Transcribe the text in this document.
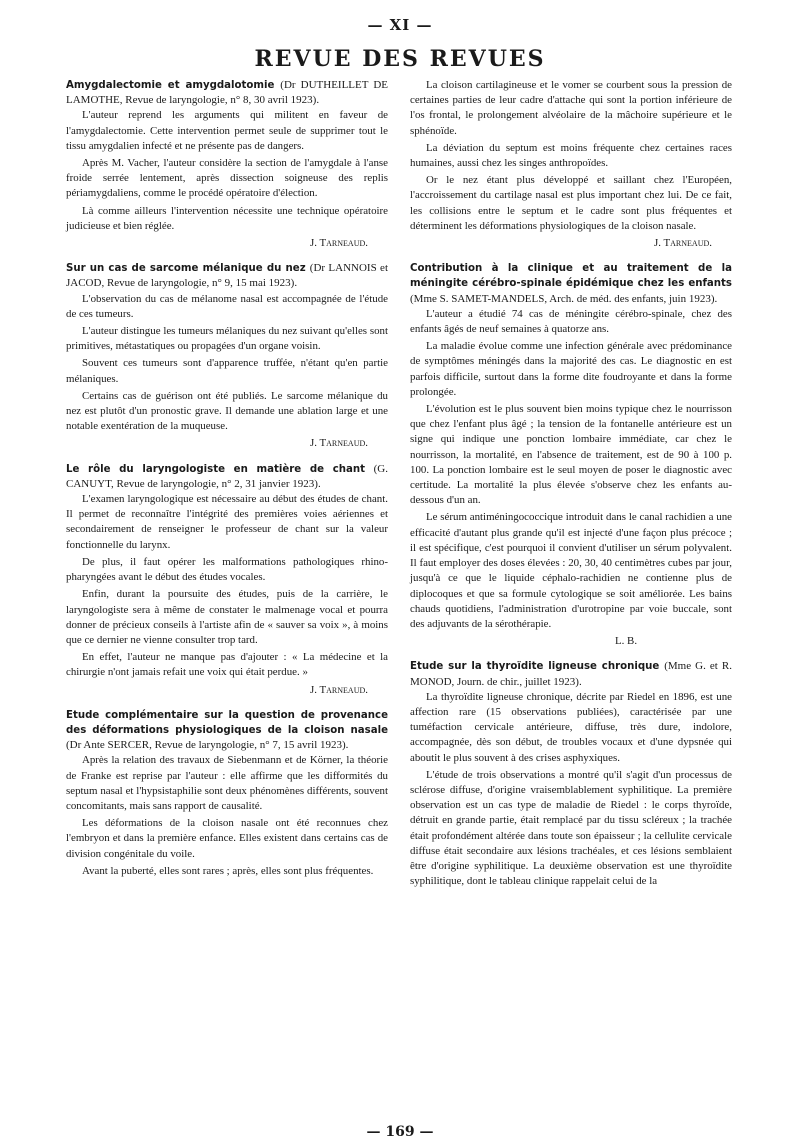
— XI —
REVUE DES REVUES

Amygdalectomie et amygdalotomie (Dr DUTHEILLET DE LAMOTHE, Revue de laryngologie, n° 8, 30 avril 1923).

L'auteur reprend les arguments qui militent en faveur de l'amygdalectomie. Cette intervention permet seule de supprimer tout le tissu amygdalien infecté et ne présente pas de dangers.

Après M. Vacher, l'auteur considère la section de l'amygdale à l'anse froide serrée lentement, après dissection soigneuse des replis périamygdaliens, comme le procédé opératoire d'élection.

Là comme ailleurs l'intervention nécessite une technique opératoire judicieuse et bien réglée.

J. Tarneaud.

Sur un cas de sarcome mélanique du nez (Dr LANNOIS et JACOD, Revue de laryngologie, n° 9, 15 mai 1923).

L'observation du cas de mélanome nasal est accompagnée de l'étude de ces tumeurs.

L'auteur distingue les tumeurs mélaniques du nez suivant qu'elles sont primitives, métastatiques ou propagées d'un organe voisin.

Souvent ces tumeurs sont d'apparence truffée, n'étant qu'en partie mélaniques.

Certains cas de guérison ont été publiés. Le sarcome mélanique du nez est plutôt d'un pronostic grave. Il demande une ablation large et une notable exentération de la muqueuse.

J. Tarneaud.

Le rôle du laryngologiste en matière de chant (G. CANUYT, Revue de laryngologie, n° 2, 31 janvier 1923).

L'examen laryngologique est nécessaire au début des études de chant. Il permet de reconnaître l'intégrité des premières voies aériennes et secondairement de renseigner le professeur de chant sur la valeur fonctionnelle du larynx.

De plus, il faut opérer les malformations pathologiques rhino-pharyngées avant le début des études vocales.

Enfin, durant la poursuite des études, puis de la carrière, le laryngologiste sera à même de constater le malmenage vocal et pourra donner de précieux conseils à l'artiste afin de « sauver sa voix », à moins que ce dernier ne vienne consulter trop tard.

En effet, l'auteur ne manque pas d'ajouter : « La médecine et la chirurgie n'ont jamais refait une voix qui était perdue. »

J. Tarneaud.

Etude complémentaire sur la question de provenance des déformations physiologiques de la cloison nasale (Dr Ante SERCER, Revue de laryngologie, n° 7, 15 avril 1923).

Après la relation des travaux de Siebenmann et de Körner, la théorie de Franke est reprise par l'auteur : elle affirme que les difformités du septum nasal et l'hypsistaphilie sont deux phénomènes différents, souvent concomitants, mais sans rapport de causalité.

Les déformations de la cloison nasale ont été reconnues chez l'embryon et dans la première enfance. Elles existent dans certains cas de division congénitale du voile.

Avant la puberté, elles sont rares ; après, elles sont plus fréquentes.

La cloison cartilagineuse et le vomer se courbent sous la pression de certaines parties de leur cadre d'attache qui sont la portion inférieure de l'os frontal, le prolongement alvéolaire de la mâchoire supérieure et le sphénoïde.

La déviation du septum est moins fréquente chez certaines races humaines, aussi chez les singes anthropoïdes.

Or le nez étant plus développé et saillant chez l'Européen, l'accroissement du cartilage nasal est plus important chez lui. De ce fait, les collisions entre le septum et le cadre sont plus fréquentes et déterminent les déformations physiologiques de la cloison nasale.

J. Tarneaud.

Contribution à la clinique et au traitement de la méningite cérébro-spinale épidémique chez les enfants (Mme S. SAMET-MANDELS, Arch. de méd. des enfants, juin 1923).

L'auteur a étudié 74 cas de méningite cérébro-spinale, chez des enfants âgés de neuf semaines à quatorze ans.

La maladie évolue comme une infection générale avec prédominance de symptômes méningés dans la majorité des cas. Le diagnostic en est parfois difficile, surtout dans la forme dite foudroyante et dans la forme prolongée.

L'évolution est le plus souvent bien moins typique chez le nourrisson que chez l'enfant plus âgé ; la tension de la fontanelle antérieure est un signe qui indique une ponction lombaire immédiate, car chez le nourrisson, la mortalité, en l'absence de traitement, est de 90 à 100 p. 100. La ponction lombaire est le seul moyen de poser le diagnostic avec certitude. La mortalité la plus élevée s'observe chez les enfants au-dessous d'un an.

Le sérum antiméningococcique introduit dans le canal rachidien a une efficacité d'autant plus grande qu'il est injecté d'une façon plus précoce ; il est spécifique, c'est pourquoi il convient d'utiliser un sérum polyvalent. Il faut employer des doses élevées : 20, 30, 40 centimètres cubes par jour, jusqu'à ce que le liquide céphalo-rachidien ne contienne plus de diplocoques et que sa formule cytologique se soit améliorée. Les bains chauds quotidiens, l'administration d'urotropine par voie buccale, sont des adjuvants de la sérothérapie.

L. B.

Etude sur la thyroïdite ligneuse chronique (Mme G. et R. MONOD, Journ. de chir., juillet 1923).

La thyroïdite ligneuse chronique, décrite par Riedel en 1896, est une affection rare (15 observations publiées), caractérisée par une tuméfaction cervicale antérieure, diffuse, très dure, indolore, accompagnée, dès son début, de troubles vocaux et d'une dypsnée qui aboutit le plus souvent à des crises asphyxiques.

L'étude de trois observations a montré qu'il s'agit d'un processus de sclérose diffuse, d'origine vraisemblablement syphilitique. La première observation est un cas type de maladie de Riedel : le corps thyroïde, détruit en grande partie, était remplacé par du tissu scléreux ; la trachée était profondément altérée dans toute son épaisseur ; la cellulite cervicale diffuse était secondaire aux lésions trachéales, et ces lésions semblaient être d'origine syphilitique. La deuxième observation est une thyroïdite syphilitique, dont le tableau clinique rappelait celui de la

— 169 —
